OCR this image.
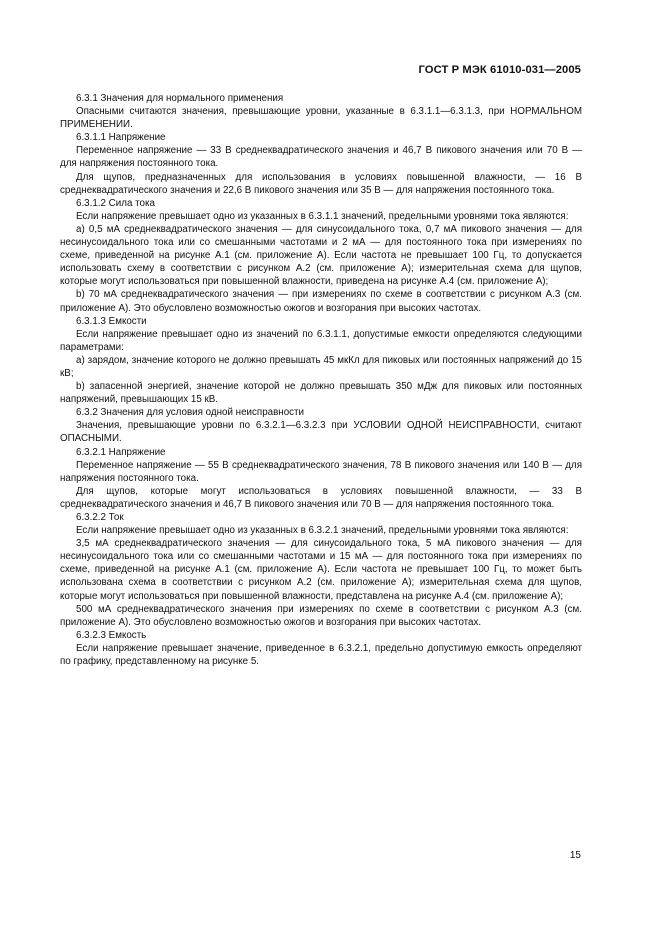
ГОСТ Р МЭК 61010-031—2005

6.3.1 Значения для нормального применения

Опасными считаются значения, превышающие уровни, указанные в 6.3.1.1—6.3.1.3, при НОРМАЛЬНОМ ПРИМЕНЕНИИ.

6.3.1.1 Напряжение

Переменное напряжение — 33 В среднеквадратического значения и 46,7 В пикового значения или 70 В — для напряжения постоянного тока.

Для щупов, предназначенных для использования в условиях повышенной влажности, — 16 В среднеквадратического значения и 22,6 В пикового значения или 35 В — для напряжения постоянного тока.

6.3.1.2 Сила тока

Если напряжение превышает одно из указанных в 6.3.1.1 значений, предельными уровнями тока являются:

a) 0,5 мА среднеквадратического значения — для синусоидального тока, 0,7 мА пикового значения — для несинусоидального тока или со смешанными частотами и 2 мА — для постоянного тока при измерениях по схеме, приведенной на рисунке А.1 (см. приложение А). Если частота не превышает 100 Гц, то допускается использовать схему в соответствии с рисунком А.2 (см. приложение А); измерительная схема для щупов, которые могут использоваться при повышенной влажности, приведена на рисунке А.4 (см. приложение А);

b) 70 мА среднеквадратического значения — при измерениях по схеме в соответствии с рисунком А.3 (см. приложение А). Это обусловлено возможностью ожогов и возгорания при высоких частотах.

6.3.1.3 Емкости

Если напряжение превышает одно из значений по 6.3.1.1, допустимые емкости определяются следующими параметрами:

a) зарядом, значение которого не должно превышать 45 мкКл для пиковых или постоянных напряжений до 15 кВ;

b) запасенной энергией, значение которой не должно превышать 350 мДж для пиковых или постоянных напряжений, превышающих 15 кВ.

6.3.2 Значения для условия одной неисправности

Значения, превышающие уровни по 6.3.2.1—6.3.2.3 при УСЛОВИИ ОДНОЙ НЕИСПРАВНОСТИ, считают ОПАСНЫМИ.

6.3.2.1 Напряжение

Переменное напряжение — 55 В среднеквадратического значения, 78 В пикового значения или 140 В — для напряжения постоянного тока.

Для щупов, которые могут использоваться в условиях повышенной влажности, — 33 В среднеквадратического значения и 46,7 В пикового значения или 70 В — для напряжения постоянного тока.

6.3.2.2 Ток

Если напряжение превышает одно из указанных в 6.3.2.1 значений, предельными уровнями тока являются:

3,5 мА среднеквадратического значения — для синусоидального тока, 5 мА пикового значения — для несинусоидального тока или со смешанными частотами и 15 мА — для постоянного тока при измерениях по схеме, приведенной на рисунке А.1 (см. приложение А). Если частота не превышает 100 Гц, то может быть использована схема в соответствии с рисунком А.2 (см. приложение А); измерительная схема для щупов, которые могут использоваться при повышенной влажности, представлена на рисунке А.4 (см. приложение А);

500 мА среднеквадратического значения при измерениях по схеме в соответствии с рисунком А.3 (см. приложение А). Это обусловлено возможностью ожогов и возгорания при высоких частотах.

6.3.2.3 Емкость

Если напряжение превышает значение, приведенное в 6.3.2.1, предельно допустимую емкость определяют по графику, представленному на рисунке 5.

15
